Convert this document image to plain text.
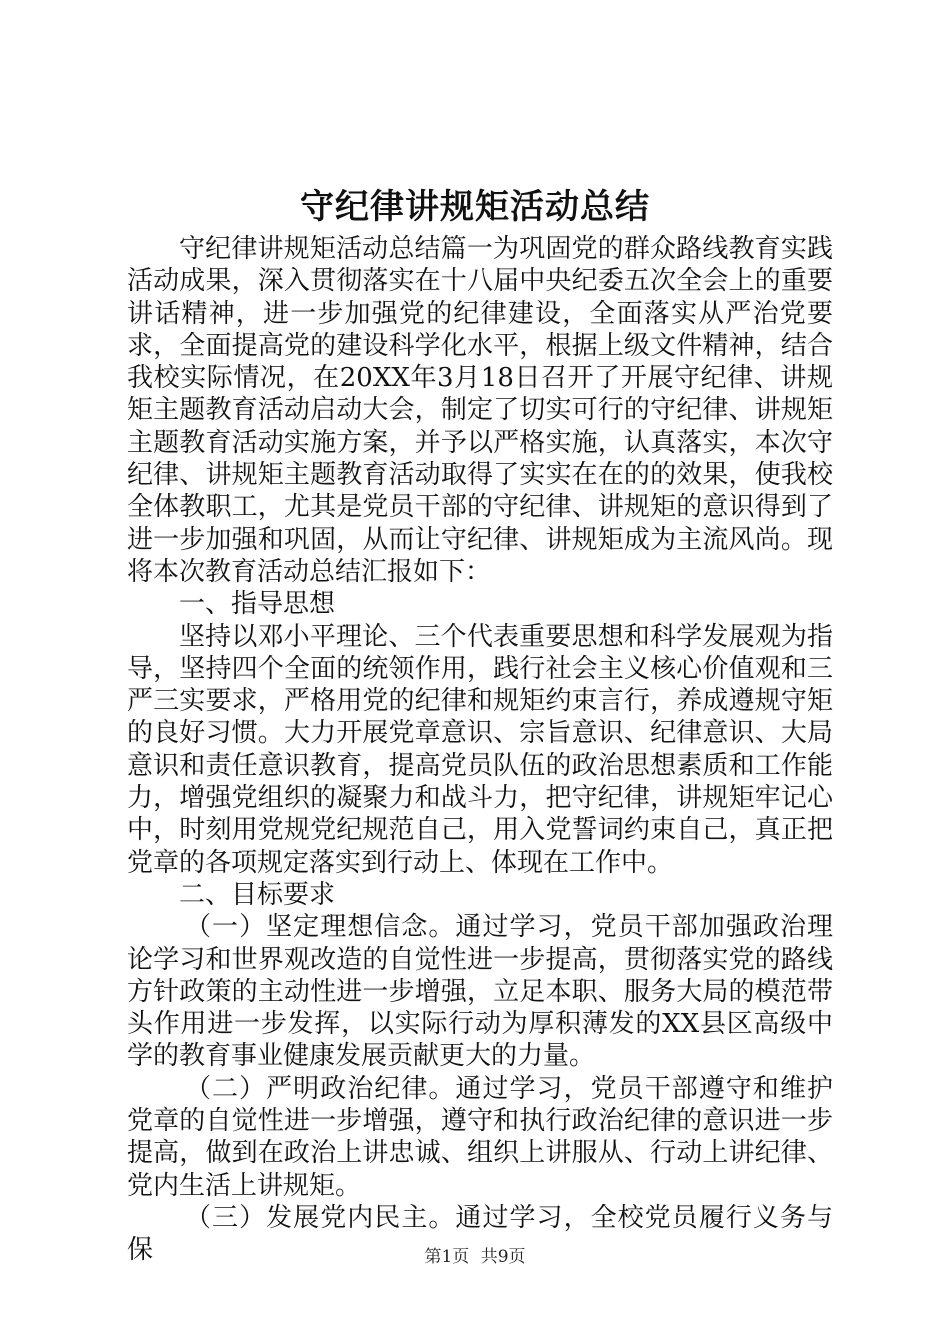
守纪律讲规矩活动总结

守纪律讲规矩活动总结篇一为巩固党的群众路线教育实践活动成果，深入贯彻落实在十八届中央纪委五次全会上的重要讲话精神，进一步加强党的纪律建设，全面落实从严治党要求，全面提高党的建设科学化水平，根据上级文件精神，结合我校实际情况，在20XX年3月18日召开了开展守纪律、讲规矩主题教育活动启动大会，制定了切实可行的守纪律、讲规矩主题教育活动实施方案，并予以严格实施，认真落实，本次守纪律、讲规矩主题教育活动取得了实实在在的的效果，使我校全体教职工，尤其是党员干部的守纪律、讲规矩的意识得到了进一步加强和巩固，从而让守纪律、讲规矩成为主流风尚。现将本次教育活动总结汇报如下：

一、指导思想

坚持以邓小平理论、三个代表重要思想和科学发展观为指导，坚持四个全面的统领作用，践行社会主义核心价值观和三严三实要求，严格用党的纪律和规矩约束言行，养成遵规守矩的良好习惯。大力开展党章意识、宗旨意识、纪律意识、大局意识和责任意识教育，提高党员队伍的政治思想素质和工作能力，增强党组织的凝聚力和战斗力，把守纪律，讲规矩牢记心中，时刻用党规党纪规范自己，用入党誓词约束自己，真正把党章的各项规定落实到行动上、体现在工作中。

二、目标要求

（一）坚定理想信念。通过学习，党员干部加强政治理论学习和世界观改造的自觉性进一步提高，贯彻落实党的路线方针政策的主动性进一步增强，立足本职、服务大局的模范带头作用进一步发挥，以实际行动为厚积薄发的XX县区高级中学的教育事业健康发展贡献更大的力量。

（二）严明政治纪律。通过学习，党员干部遵守和维护党章的自觉性进一步增强，遵守和执行政治纪律的意识进一步提高，做到在政治上讲忠诚、组织上讲服从、行动上讲纪律、党内生活上讲规矩。

（三）发展党内民主。通过学习，全校党员履行义务与保	第1页 共9页
